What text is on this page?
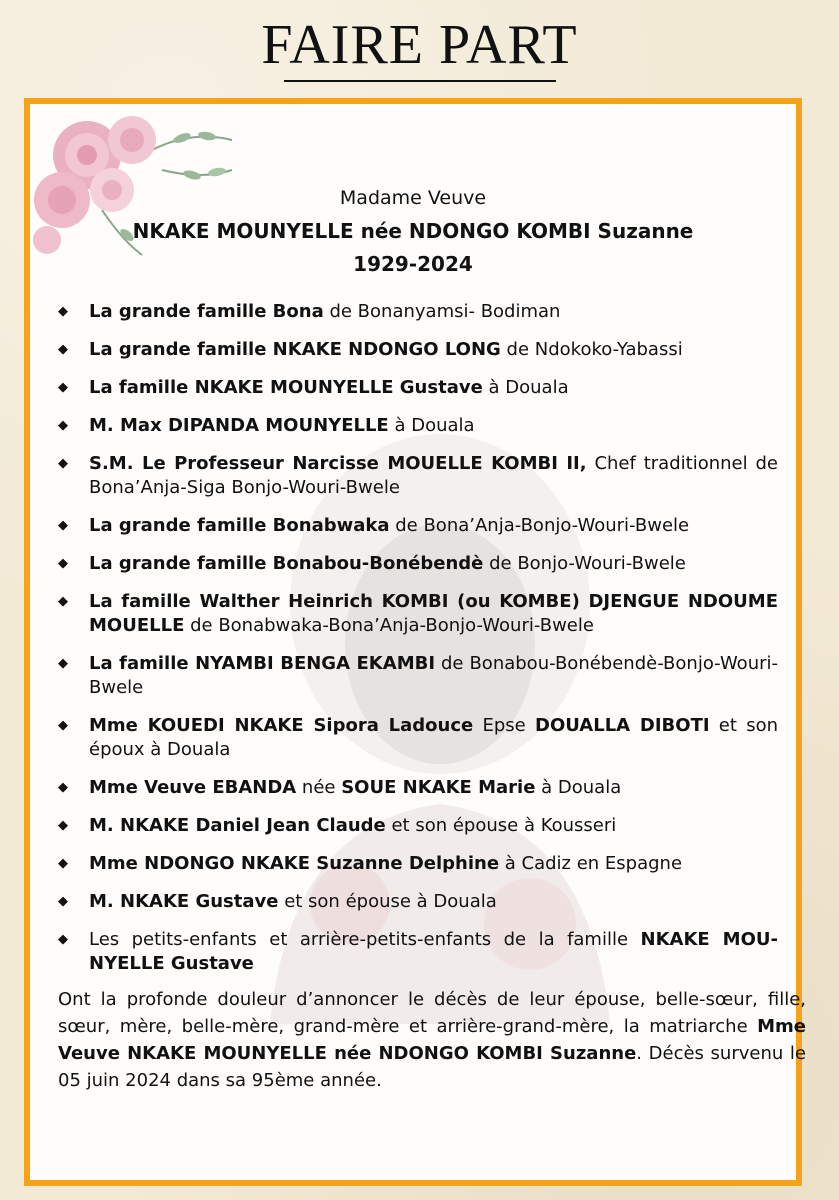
FAIRE PART
Madame Veuve
NKAKE MOUNYELLE née NDONGO KOMBI Suzanne
1929-2024
◆ La grande famille Bona de Bonanyamsi- Bodiman
◆ La grande famille NKAKE NDONGO LONG de Ndokoko-Yabassi
◆ La famille NKAKE MOUNYELLE Gustave à Douala
◆ M. Max DIPANDA MOUNYELLE à Douala
◆ S.M. Le Professeur Narcisse MOUELLE KOMBI II, Chef traditionnel de Bona’Anja-Siga Bonjo-Wouri-Bwele
◆ La grande famille Bonabwaka de Bona’Anja-Bonjo-Wouri-Bwele
◆ La grande famille Bonabou-Bonébendè de Bonjo-Wouri-Bwele
◆ La famille Walther Heinrich KOMBI (ou KOMBE) DJENGUE NDOUME MOUELLE de Bonabwaka-Bona’Anja-Bonjo-Wouri-Bwele
◆ La famille NYAMBI BENGA EKAMBI de Bonabou-Bonébendè-Bonjo-Wouri-Bwele
◆ Mme KOUEDI NKAKE Sipora Ladouce Epse DOUALLA DIBOTI et son époux à Douala
◆ Mme Veuve EBANDA née SOUE NKAKE Marie à Douala
◆ M. NKAKE Daniel Jean Claude et son épouse à Kousseri
◆ Mme NDONGO NKAKE Suzanne Delphine à Cadiz en Espagne
◆ M. NKAKE Gustave et son épouse à Douala
◆ Les petits-enfants et arrière-petits-enfants de la famille NKAKE MOU-NYELLE Gustave
Ont la profonde douleur d’annoncer le décès de leur épouse, belle-sœur, fille, sœur, mère, belle-mère, grand-mère et arrière-grand-mère, la matriarche Mme Veuve NKAKE MOUNYELLE née NDONGO KOMBI Suzanne. Décès survenu le 05 juin 2024 dans sa 95ème année.
